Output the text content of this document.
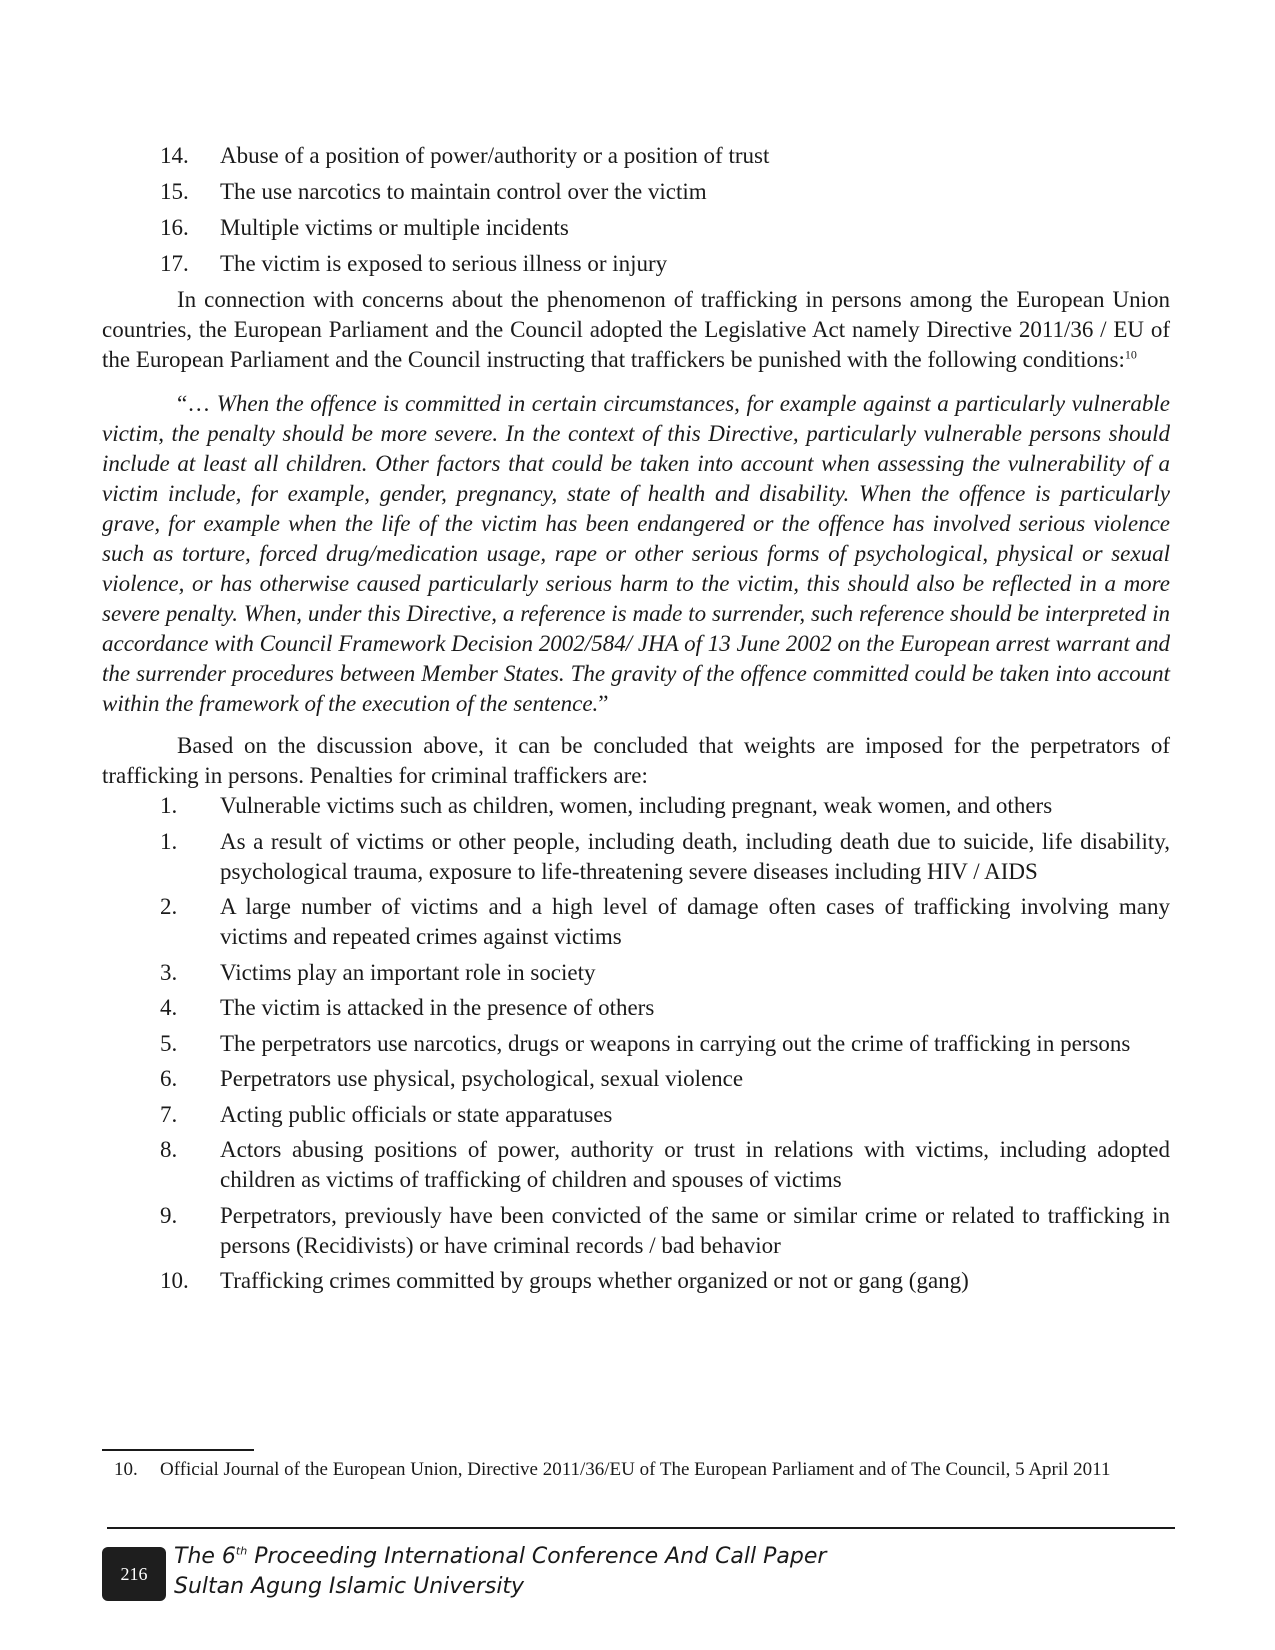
14. Abuse of a position of power/authority or a position of trust
15. The use narcotics to maintain control over the victim
16. Multiple victims or multiple incidents
17. The victim is exposed to serious illness or injury

In connection with concerns about the phenomenon of trafficking in persons among the European Union countries, the European Parliament and the Council adopted the Legislative Act namely Directive 2011/36 / EU of the European Parliament and the Council instructing that traffickers be punished with the following conditions:$^{10}$

“… When the offence is committed in certain circumstances, for example against a particularly vulnerable victim, the penalty should be more severe. In the context of this Directive, particularly vulnerable persons should include at least all children. Other factors that could be taken into account when assessing the vulnerability of a victim include, for example, gender, pregnancy, state of health and disability. When the offence is particularly grave, for example when the life of the victim has been endangered or the offence has involved serious violence such as torture, forced drug/medication usage, rape or other serious forms of psychological, physical or sexual violence, or has otherwise caused particularly serious harm to the victim, this should also be reflected in a more severe penalty. When, under this Directive, a reference is made to surrender, such reference should be interpreted in accordance with Council Framework Decision 2002/584/ JHA of 13 June 2002 on the European arrest warrant and the surrender procedures between Member States. The gravity of the offence committed could be taken into account within the framework of the execution of the sentence.”

Based on the discussion above, it can be concluded that weights are imposed for the perpetrators of trafficking in persons. Penalties for criminal traffickers are:

1. Vulnerable victims such as children, women, including pregnant, weak women, and others
1. As a result of victims or other people, including death, including death due to suicide, life disability, psychological trauma, exposure to life-threatening severe diseases including HIV / AIDS
2. A large number of victims and a high level of damage often cases of trafficking involving many victims and repeated crimes against victims
3. Victims play an important role in society
4. The victim is attacked in the presence of others
5. The perpetrators use narcotics, drugs or weapons in carrying out the crime of trafficking in persons
6. Perpetrators use physical, psychological, sexual violence
7. Acting public officials or state apparatuses
8. Actors abusing positions of power, authority or trust in relations with victims, including adopted children as victims of trafficking of children and spouses of victims
9. Perpetrators, previously have been convicted of the same or similar crime or related to trafficking in persons (Recidivists) or have criminal records / bad behavior
10. Trafficking crimes committed by groups whether organized or not or gang (gang)
10.	Official Journal of the European Union, Directive 2011/36/EU of The European Parliament and of The Council, 5 April 2011
216
The 6th Proceeding International Conference And Call Paper
Sultan Agung Islamic University
